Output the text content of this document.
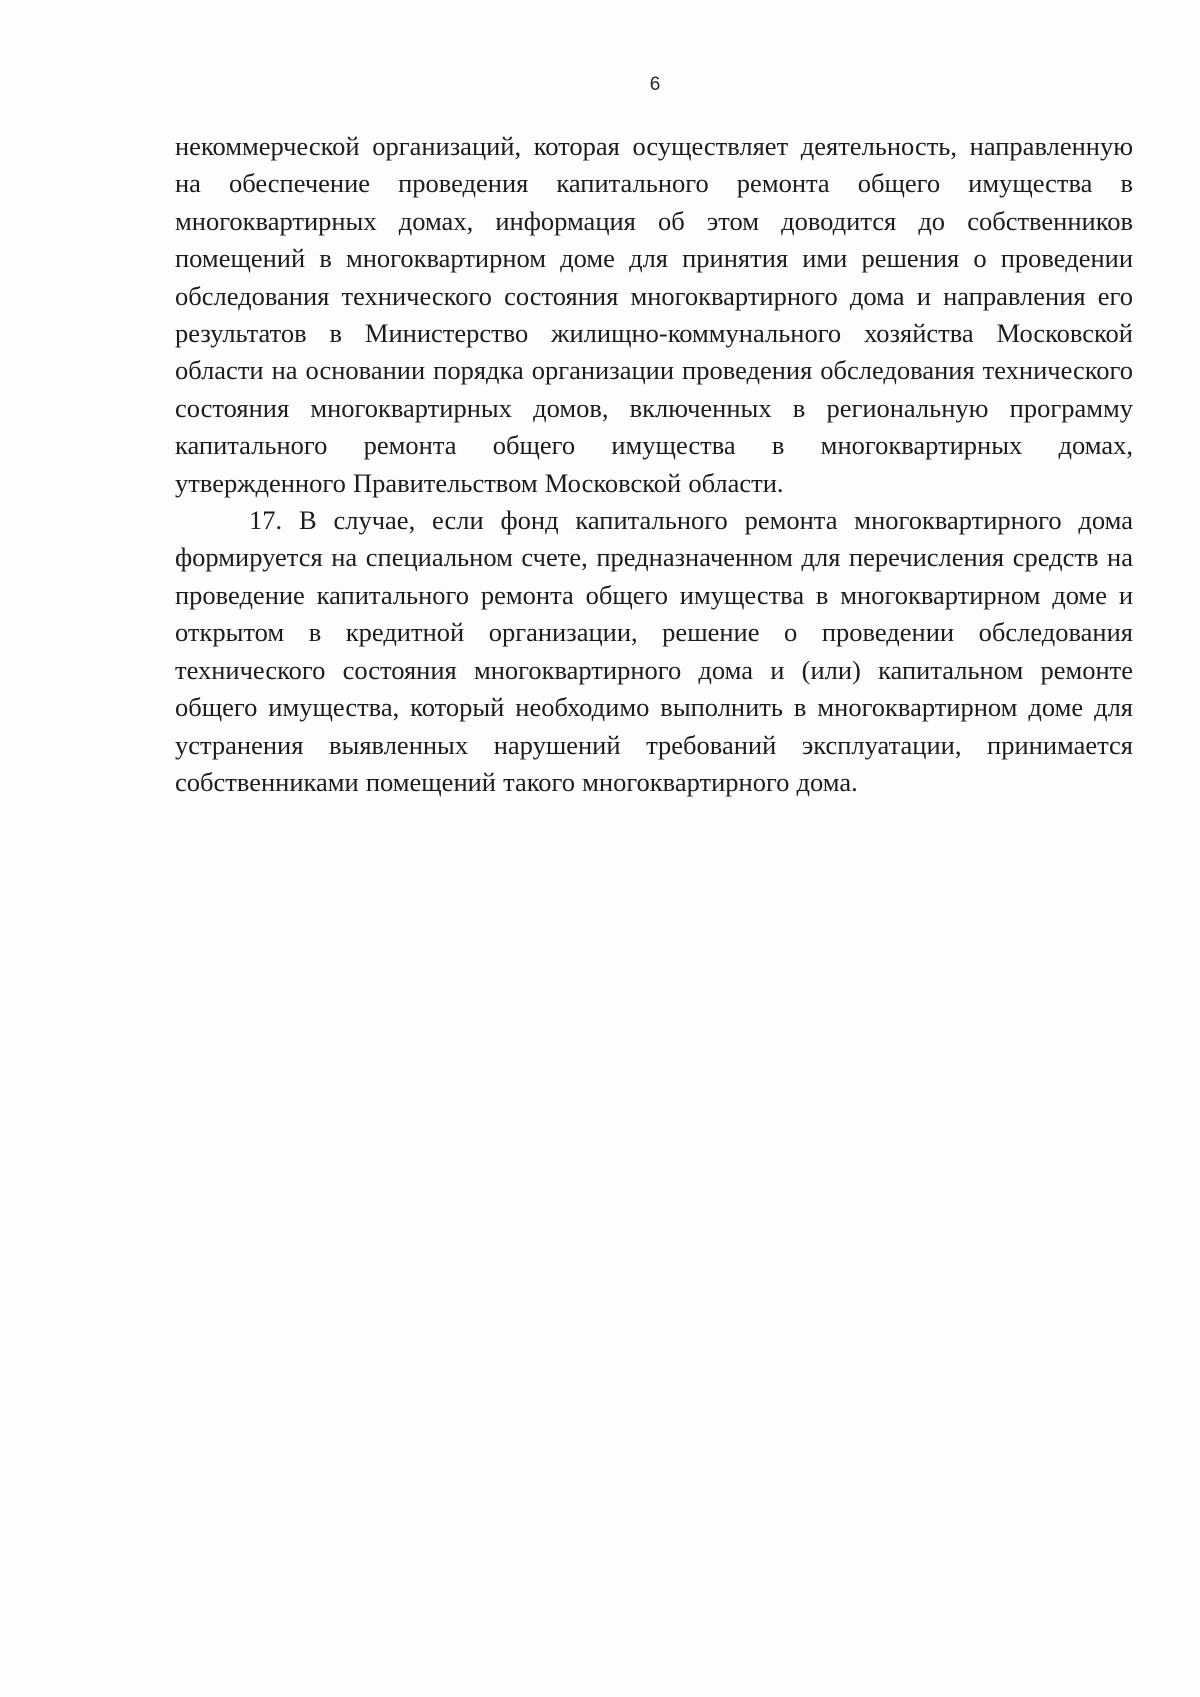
6

некоммерческой организаций, которая осуществляет деятельность, направленную на обеспечение проведения капитального ремонта общего имущества в многоквартирных домах, информация об этом доводится до собственников помещений в многоквартирном доме для принятия ими решения о проведении обследования технического состояния многоквартирного дома и направления его результатов в Министерство жилищно-коммунального хозяйства Московской области на основании порядка организации проведения обследования технического состояния многоквартирных домов, включенных в региональную программу капитального ремонта общего имущества в многоквартирных домах, утвержденного Правительством Московской области.

17. В случае, если фонд капитального ремонта многоквартирного дома формируется на специальном счете, предназначенном для перечисления средств на проведение капитального ремонта общего имущества в многоквартирном доме и открытом в кредитной организации, решение о проведении обследования технического состояния многоквартирного дома и (или) капитальном ремонте общего имущества, который необходимо выполнить в многоквартирном доме для устранения выявленных нарушений требований эксплуатации, принимается собственниками помещений такого многоквартирного дома.
